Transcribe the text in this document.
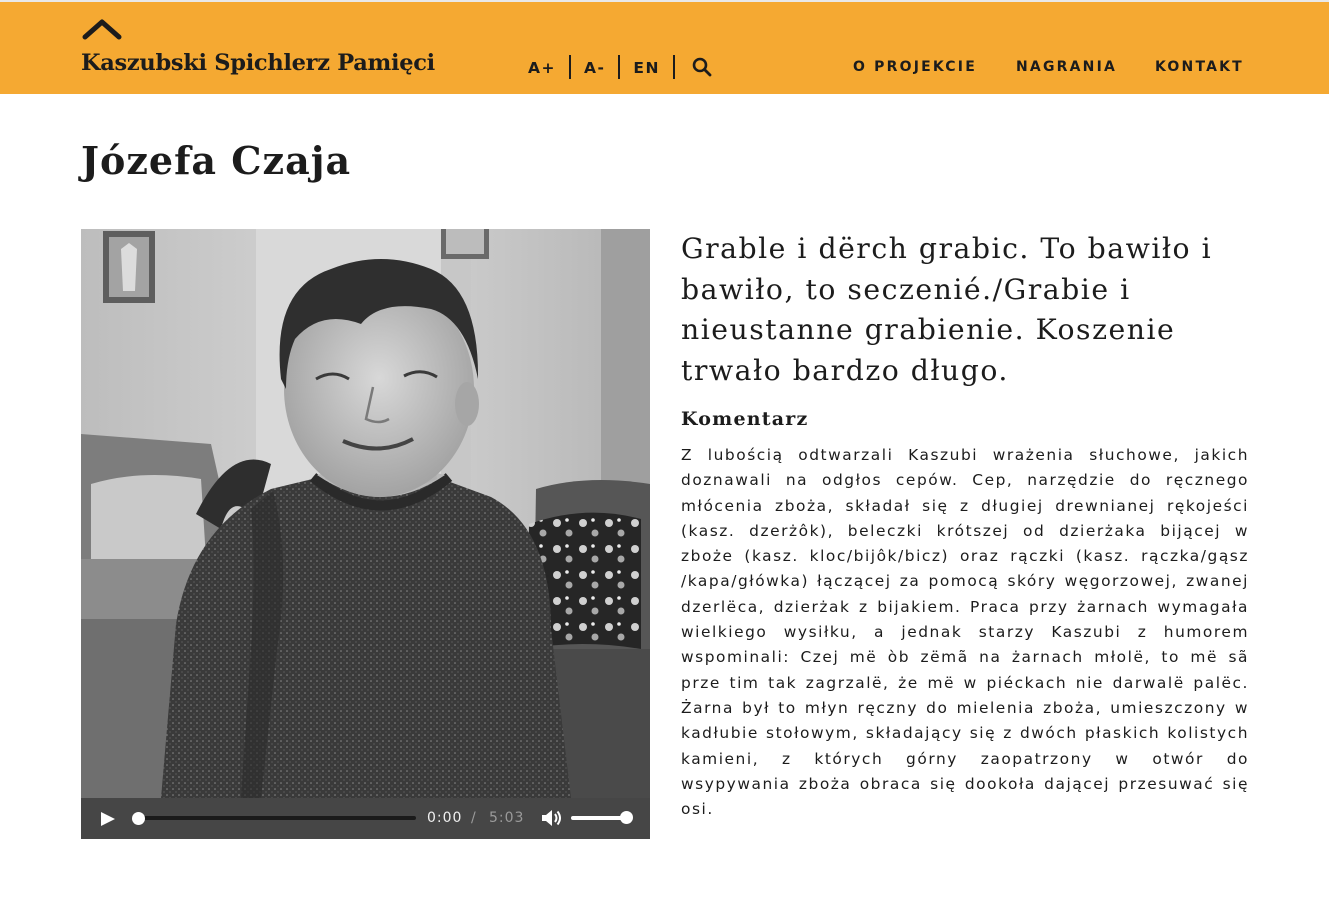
Kaszubski Spichlerz Pamięci	A+	A-	EN	O PROJEKCIE	NAGRANIA	KONTAKT
Józefa Czaja
0:00 / 5:03

Grable i dërch grabic. To bawiło i bawiło, to seczenié./Grabie i nieustanne grabienie. Koszenie trwało bardzo długo.

Komentarz

Z lubością odtwarzali Kaszubi wrażenia słuchowe, jakich doznawali na odgłos cepów. Cep, narzędzie do ręcznego młócenia zboża, składał się z długiej drewnianej rękojeści (kasz. dzerżôk), beleczki krótszej od dzierżaka bijącej w zboże (kasz. kloc/bijôk/bicz) oraz rączki (kasz. rączka/gąsz /kapa/główka) łączącej za pomocą skóry węgorzowej, zwanej dzerlëca, dzierżak z bijakiem. Praca przy żarnach wymagała wielkiego wysiłku, a jednak starzy Kaszubi z humorem wspominali: Czej më òb zëmã na żarnach młolë, to më sã prze tim tak zagrzalë, że më w piéckach nie darwalë palëc. Żarna był to młyn ręczny do mielenia zboża, umieszczony w kadłubie stołowym, składający się z dwóch płaskich kolistych kamieni, z których górny zaopatrzony w otwór do wsypywania zboża obraca się dookoła dającej przesuwać się osi.
